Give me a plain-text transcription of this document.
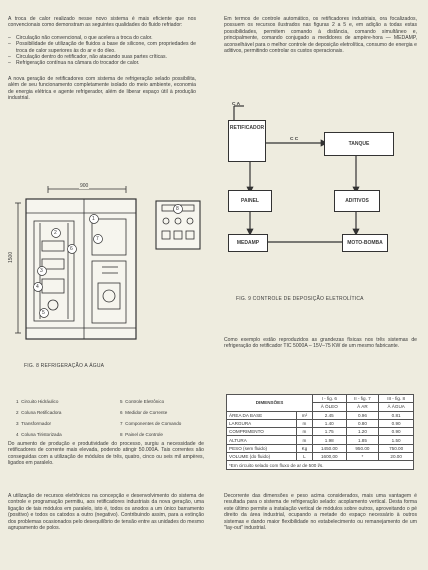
A troca de calor realizado nesse novo sistema é mais eficiente que nos convencionais como demonstram as seguintes qualidades do fluido refriador:

– Circulação não convencional, o que acelera a troca do calor.
– Possibilidade de utilização de fluidos a base de silicone, com propriedades de troca de calor superiores às do ar e do óleo.
– Circulação dentro do retificador, não atacando suas partes críticas.
– Refrigeração contínua na câmara do trocador de calor.

A nova geração de retificadores com sistema de refrigeração selado possibilita, além de seu funcionamento completamente isolado do meio ambiente, economia de energia elétrica e agente refrigerador, além de liberar espaço útil à produção industrial.

Em termos de controle automático, os retificadores industriais, ora focalizados, possuem os recursos ilustrados nas figuras 2 a 5 e, em adição a todas estas possibilidades, permitem comando à distância, comando simultâneo e, principalmente, comando conjugado a medidores de ampère-hora — MEDAMP, aconselhável para o melhor controle de deposição eletrolítica, consumo de energia e aditivos, permitindo controlar os custos operacionais.

900
1500
8
7
6
1
2
3
4
5
FIG. 8 REFRIGERAÇÃO A ÁGUA
C A
C C
RETIFICADOR
TANQUE
PAINEL	ADITIVOS
MEDAMP	MOTO-BOMBA
FIG. 9 CONTROLE DE DEPOSIÇÃO ELETROLÍTICA

Como exemplo estão reproduzidos as grandezas físicas nos três sistemas de refrigeração do retificador TIC 5000A – 15V–75 KW de um mesmo fabricante.

1 Circuito Hidráulico
2 Coluna Retificadora
3 Transformador
4 Coluna Tiristorizada
5 Controle Eletrônico
6 Medidor de Corrente
7 Componentes de Comando
8 Painel de Controle
DIMENSÕES		I - fig. 6	II - fig. 7	III - fig. 8
		À ÓLEO	À AR	À ÁGUA
ÁREA DA BASE	m²	2.45	0.96	0.81
LARGURA	m	1.40	0.80	0.90
COMPRIMENTO	m	1.75	1.20	0.90
ALTURA	m	1.98	1.85	1.50
PESO (sem fluido)	Kg	1450.00	950.00	750.00
VOLUME (do fluido)	L	1600,00	*	20.00
*Em circuito selado com fluxo de ar de 500 l/s.				

Do aumento de produção e produtividade do processo, surgiu a necessidade de retificadores de corrente mais elevada, podendo atingir 50.000A. Tais correntes são conseguidas com a utilização de módulos de três, quatro, cinco ou seis mil ampères, ligados em paralelo.

A utilização de recursos eletrônicos na concepção e desenvolvimento do sistema de controle e programação permitiu, aos retificadores industriais da nova geração, uma ligação de tais módulos em paralelo, isto é, todos os anodos a um único barramento (positivo) e todos os catodos a outro (negativo). Contribuindo assim, para a extinção dos problemas ocasionados pelo desequilíbrio de tensão entre as unidades do mesmo agrupamento de polos.

Decorrente das dimensões e peso acima considerados, mais uma vantagem é resultada para o sistema de refrigeração selado: acoplamento vertical. Desta forma este último permite a instalação vertical de módulos sobre outros, aproveitando o pé direito da área industrial, ocupando a metade do espaço necessário à outros sistemas e dando maior flexibilidade no estabelecimento ou remanejamento de um "lay-out" industrial.
